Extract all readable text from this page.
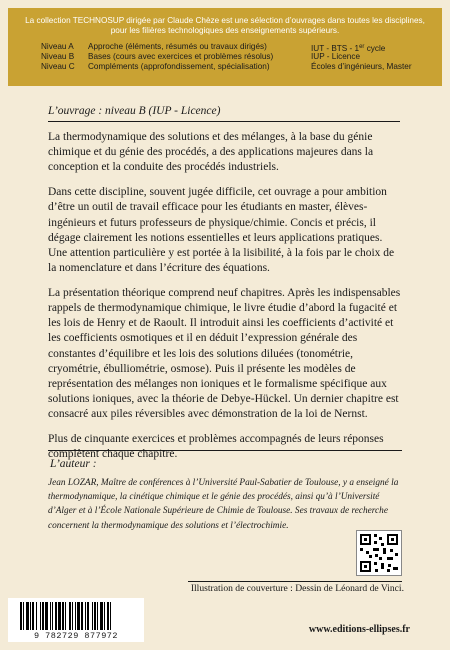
La collection TECHNOSUP dirigée par Claude Chèze est une sélection d’ouvrages dans toutes les disciplines,
pour les filières technologiques des enseignements supérieurs.
Niveau A Approche (éléments, résumés ou travaux dirigés)	IUT - BTS - 1er cycle
Niveau B Bases (cours avec exercices et problèmes résolus)	IUP - Licence
Niveau C Compléments (approfondissement, spécialisation)	Écoles d’ingénieurs, Master
L’ouvrage : niveau B (IUP - Licence)

La thermodynamique des solutions et des mélanges, à la base du génie chimique et du génie des procédés, a des applications majeures dans la conception et la conduite des procédés industriels.

Dans cette discipline, souvent jugée difficile, cet ouvrage a pour ambition d’être un outil de travail efficace pour les étudiants en master, élèves-ingénieurs et futurs professeurs de physique/chimie. Concis et précis, il dégage clairement les notions essentielles et leurs applications pratiques. Une attention particulière y est portée à la lisibilité, à la fois par le choix de la nomenclature et dans l’écriture des équations.

La présentation théorique comprend neuf chapitres. Après les indispensables rappels de thermodynamique chimique, le livre étudie d’abord la fugacité et les lois de Henry et de Raoult. Il introduit ainsi les coefficients d’activité et les coefficients osmotiques et il en déduit l’expression générale des constantes d’équilibre et les lois des solutions diluées (tonométrie, cryométrie, ébulliométrie, osmose). Puis il présente les modèles de représentation des mélanges non ioniques et le formalisme spécifique aux solutions ioniques, avec la théorie de Debye-Hückel. Un dernier chapitre est consacré aux piles réversibles avec démonstration de la loi de Nernst.

Plus de cinquante exercices et problèmes accompagnés de leurs réponses complètent chaque chapitre.

L’auteur :
Jean LOZAR, Maître de conférences à l’Université Paul-Sabatier de Toulouse, y a enseigné la thermodynamique, la cinétique chimique et le génie des procédés, ainsi qu’à l’Université d’Alger et à l’École Nationale Supérieure de Chimie de Toulouse. Ses travaux de recherche concernent la thermodynamique des solutions et l’électrochimie.
Illustration de couverture : Dessin de Léonard de Vinci.
9 782729 877972
www.editions-ellipses.fr
